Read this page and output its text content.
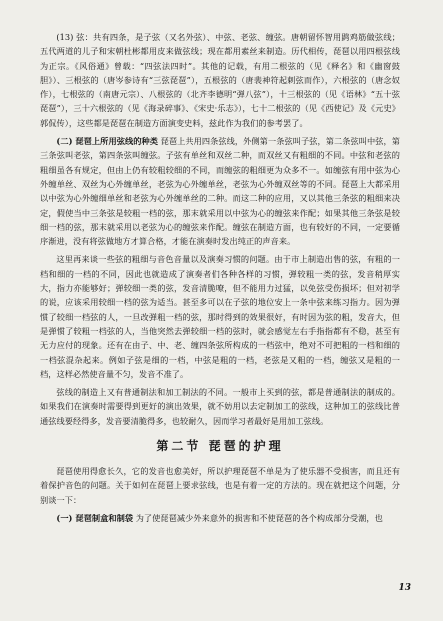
(13) 弦：共有四条，是子弦（又名外弦）、中弦、老弦、缠弦。唐朝留怀智用鹍鸡筋做弦线；五代两道的儿子和宋朝杜彬都用皮来做弦线；现在都用素丝来制造。历代相传，琵琶以用四根弦线为正宗。《风俗通》曾载：“四弦法四时”。其他的记载，有用二根弦的（见《释名》和《幽窗鼓胆》）、三根弦的（唐岑参诗有“三弦琵琶”），五根弦的（唐裴神符起刺弦而作），六根弦的（唐念奴作），七根弦的（南唐元宗）、八根弦的（北齐李德明“弹八弦”），十三根弦的（见《语林》“五十弦琵琶”），三十六根弦的（见《海录碎事》、《宋史·乐志》），七十二根弦的（见《西使记》及《元史》郭侃传），这些都是琵琶在制造方面演变史料，兹此作为我们的参考罢了。

(二) 琵琶上所用弦线的种类 琵琶上共用四条弦线，外侧第一条弦叫子弦，第二条弦叫中弦，第三条弦叫老弦，第四条弦叫缠弦。子弦有单丝和双丝二种，而双丝又有粗细的不同。中弦和老弦的粗细虽各有规定，但由上仍有较粗较细的不同，而缠弦的粗细更为众多不一。如缠弦有用中弦为心外缠单丝、双丝为心外缠单丝，老弦为心外缠单丝，老弦为心外缠双丝等的不同。琵琶上大都采用以中弦为心外缠细单丝和老弦为心外缠单丝的二种。而这二种的应用，又以其他三条弦的粗细来决定，假使当中三条弦是较粗一档的弦，那末就采用以中弦为心的缠弦来作配；如果其他三条弦是较细一档的弦，那末就采用以老弦为心的缠弦来作配。缠弦在制造方面，也有较好的不同，一定要循序渐进，没有将弦做地方才算合格，才能在演奏时发出纯正的声音来。

这里再来谈一些弦的粗细与音色音量以及演奏习惯的问题。由于市上制造出售的弦，有粗的一档和细的一档的不同，因此也就造成了演奏者们各种各样的习惯，弹较粗一类的弦，发音稍厚实大，指力亦能够好；弹较细一类的弦，发音清脆嘹，但不能用力过猛，以免弦受伤损坏；但对初学的说，应该采用较细一档的弦为适当。甚至多可以在子弦的地位安上一条中弦来练习指力。因为弹惯了较细一档弦的人，一旦改弹粗一档的弦，那时得到的效果很好，有时因为弦的粗，发音大，但是弹惯了较粗一档弦的人，当他突然去弹较细一档的弦时，就会感觉左右手指指都有不稳，甚至有无力应付的现象。还有在由子、中、老、缠四条弦所构成的一档弦中，绝对不可把粗的一档和细的一档弦混杂起来。例如子弦是细的一档，中弦是粗的一档，老弦是又粗的一档，缠弦又是粗的一档，这样必然使音量不匀，发音不准了。

弦线的制造上又有普通制法和加工制法的不同。一般市上买到的弦，都是普通制法的制成的。如果我们在演奏时需要得到更好的演出效果，就不妨用以去定制加工的弦线，这种加工的弦线比普通弦线要经得多，发音要清脆得多，也较耐久，因而学习者最好是用加工弦线。

第二节 琵琶的护理

琵琶使用得愈长久，它的发音也愈美好，所以护理琵琶不单是为了使乐器不受损害，而且还有着保护音色的问题。关于如何在琵琶上要求弦线，也是有着一定的方法的。现在就把这个问题，分别谈一下：

(一) 琵琶制盒和制袋 为了使琵琶减少外来意外的损害和不使琵琶的各个构成部分受潮，也

13
